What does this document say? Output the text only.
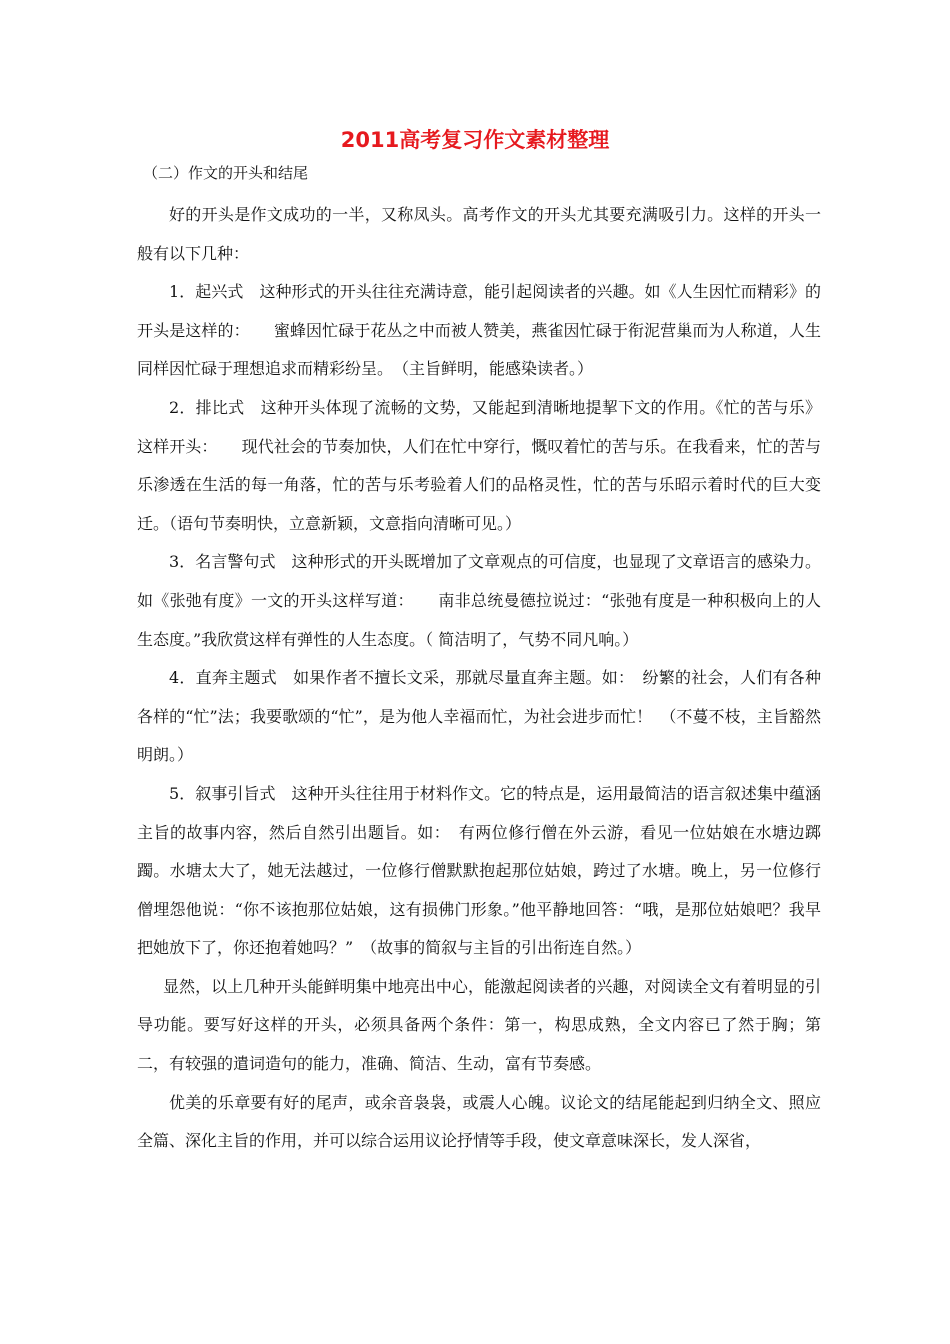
2011高考复习作文素材整理
（二）作文的开头和结尾

好的开头是作文成功的一半，又称凤头。高考作文的开头尤其要充满吸引力。这样的开头一般有以下几种：

1．起兴式　这种形式的开头往往充满诗意，能引起阅读者的兴趣。如《人生因忙而精彩》的开头是这样的：　　蜜蜂因忙碌于花丛之中而被人赞美，燕雀因忙碌于衔泥营巢而为人称道，人生同样因忙碌于理想追求而精彩纷呈。　（主旨鲜明，能感染读者。）

2．排比式　这种开头体现了流畅的文势，又能起到清晰地提挈下文的作用。《忙的苦与乐》这样开头：　　现代社会的节奏加快，人们在忙中穿行，慨叹着忙的苦与乐。在我看来，忙的苦与乐渗透在生活的每一角落，忙的苦与乐考验着人们的品格灵性，忙的苦与乐昭示着时代的巨大变迁。（语句节奏明快，立意新颖，文意指向清晰可见。）

3．名言警句式　这种形式的开头既增加了文章观点的可信度，也显现了文章语言的感染力。如《张弛有度》一文的开头这样写道：　　南非总统曼德拉说过：“张弛有度是一种积极向上的人生态度。”我欣赏这样有弹性的人生态度。（ 简洁明了，气势不同凡响。）

4．直奔主题式　如果作者不擅长文采，那就尽量直奔主题。如：　纷繁的社会，人们有各种各样的“忙”法；我要歌颂的“忙”，是为他人幸福而忙，为社会进步而忙！　（不蔓不枝，主旨豁然明朗。）

5．叙事引旨式　这种开头往往用于材料作文。它的特点是，运用最简洁的语言叙述集中蕴涵主旨的故事内容，然后自然引出题旨。如：　有两位修行僧在外云游，看见一位姑娘在水塘边踯躅。水塘太大了，她无法越过，一位修行僧默默抱起那位姑娘，跨过了水塘。晚上，另一位修行僧埋怨他说：“你不该抱那位姑娘，这有损佛门形象。”他平静地回答：“哦，是那位姑娘吧？我早把她放下了，你还抱着她吗？”　（故事的简叙与主旨的引出衔连自然。）

显然，以上几种开头能鲜明集中地亮出中心，能激起阅读者的兴趣，对阅读全文有着明显的引导功能。要写好这样的开头，必须具备两个条件：第一，构思成熟，全文内容已了然于胸；第二，有较强的遣词造句的能力，准确、简洁、生动，富有节奏感。

优美的乐章要有好的尾声，或余音袅袅，或震人心魄。议论文的结尾能起到归纳全文、照应全篇、深化主旨的作用，并可以综合运用议论抒情等手段，使文章意味深长，发人深省，
